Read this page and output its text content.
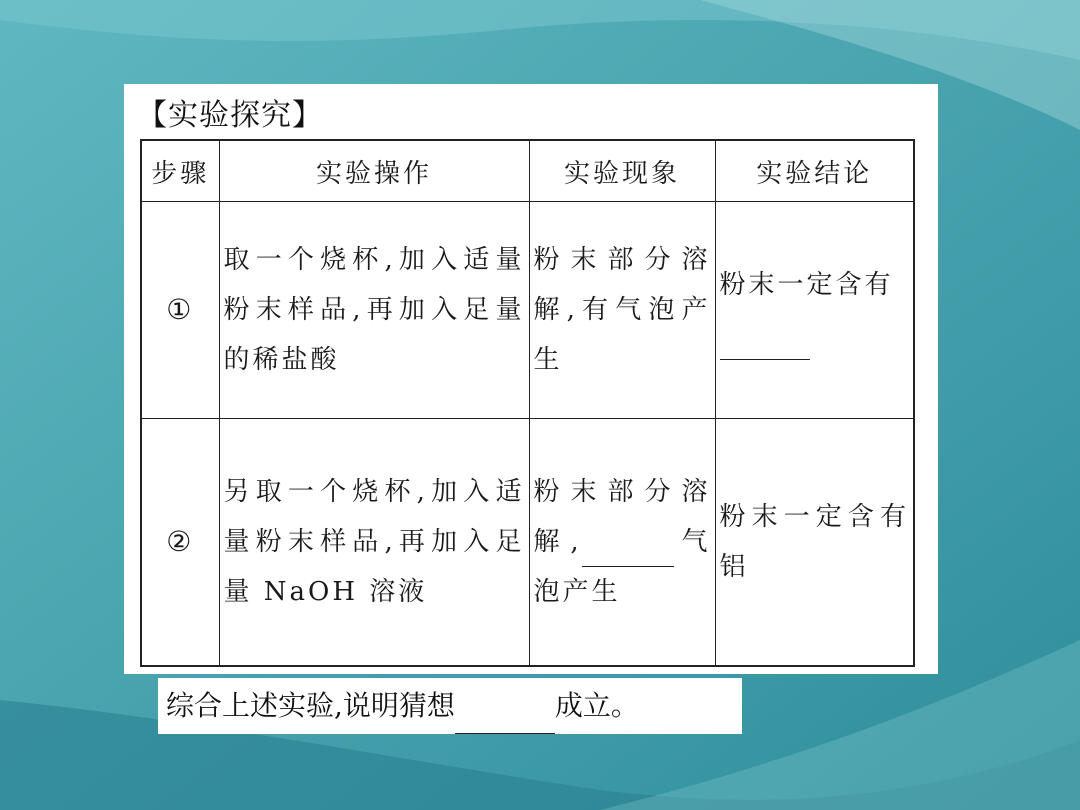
【实验探究】
步骤	实验操作	实验现象	实验结论
①	取一个烧杯,加入适量粉末样品,再加入足量的稀盐酸	粉末部分溶解,有气泡产生	粉末一定含有

②	另取一个烧杯,加入适量粉末样品,再加入足量 NaOH 溶液	粉末部分溶解, 气泡产生	粉末一定含有铝
综合上述实验,说明猜想	成立。
